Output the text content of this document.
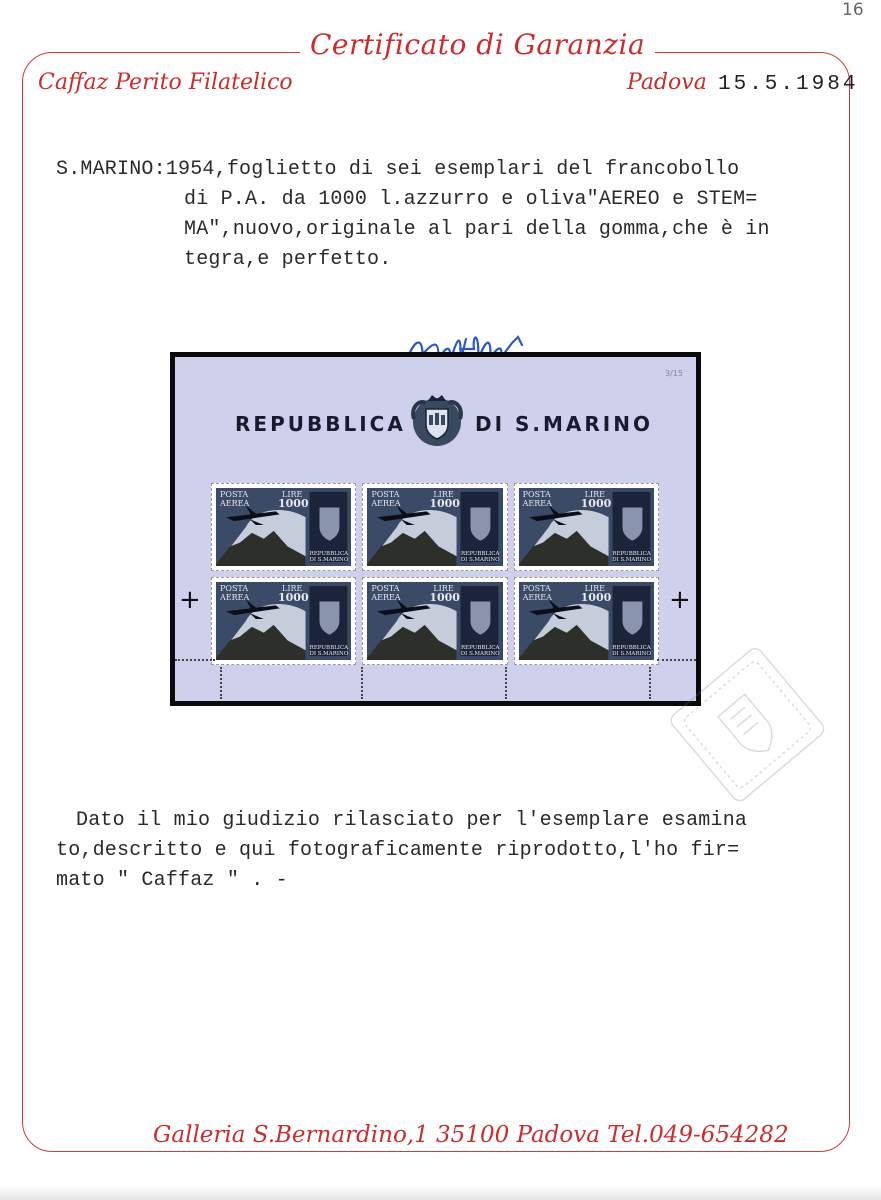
16
Certificato di Garanzia
Caffaz Perito Filatelico	Padova 15.5.1984
S.MARINO:1954,foglietto di sei esemplari del francobollo
di P.A. da 1000 l.azzurro e oliva"AEREO e STEM=
MA",nuovo,originale al pari della gomma,che è in
tegra,e perfetto.
3/15
REPUBBLICA	DI S.MARINO
+	+
POSTA
AEREA
LIRE
1000
REPUBBLICA
DI S.MARINO
POSTA
AEREA
LIRE
1000
REPUBBLICA
DI S.MARINO
POSTA
AEREA
LIRE
1000
REPUBBLICA
DI S.MARINO
POSTA
AEREA
LIRE
1000
REPUBBLICA
DI S.MARINO
POSTA
AEREA
LIRE
1000
REPUBBLICA
DI S.MARINO
POSTA
AEREA
LIRE
1000
REPUBBLICA
DI S.MARINO
Dato il mio giudizio rilasciato per l'esemplare esamina
to,descritto e qui fotograficamente riprodotto,l'ho fir=
mato " Caffaz " . -
Galleria S.Bernardino,1 35100 Padova Tel.049-654282
